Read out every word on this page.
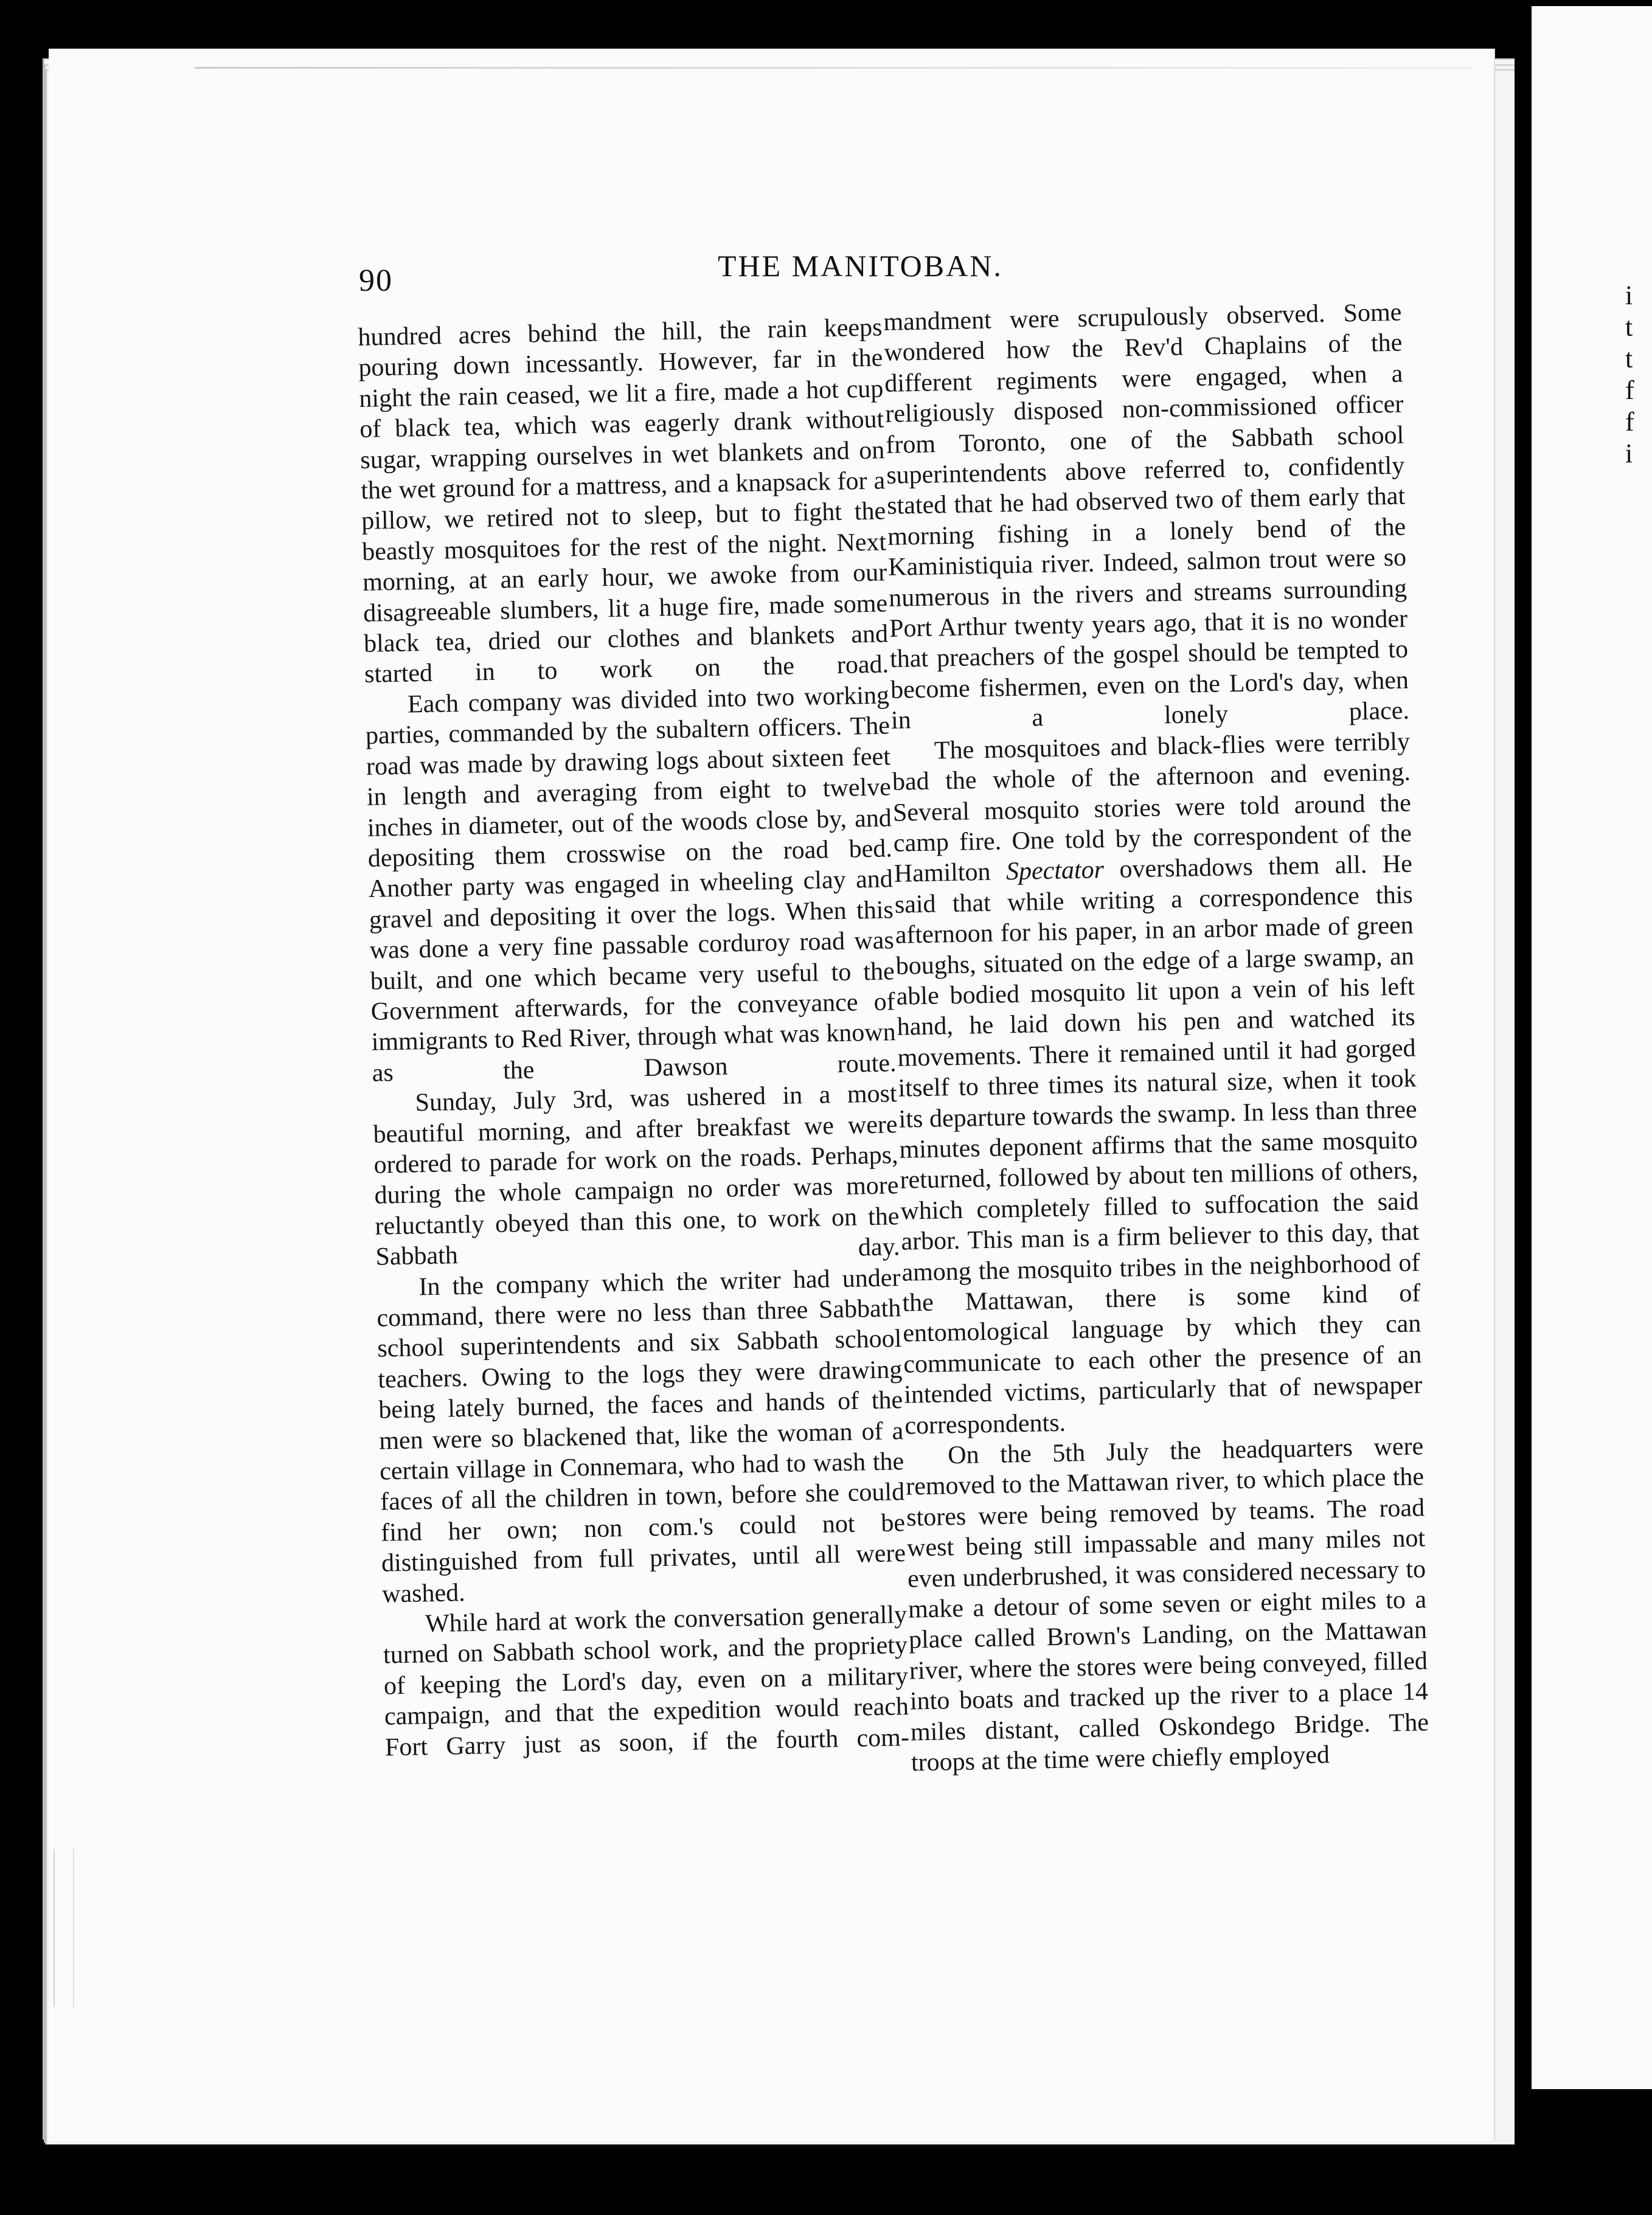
i
t
t
f
f
i
90	THE MANITOBAN.

hundred acres behind the hill, the rain keeps pouring down incessantly. However, far in the night the rain ceased, we lit a fire, made a hot cup of black tea, which was eagerly drank without sugar, wrapping ourselves in wet blankets and on the wet ground for a mattress, and a knapsack for a pillow, we retired not to sleep, but to fight the beastly mosquitoes for the rest of the night. Next morning, at an early hour, we awoke from our disagreeable slumbers, lit a huge fire, made some black tea, dried our clothes and blankets and started in to work on the road.

Each company was divided into two working parties, commanded by the subaltern officers. The road was made by drawing logs about sixteen feet in length and averaging from eight to twelve inches in diameter, out of the woods close by, and depositing them crosswise on the road bed. Another party was engaged in wheeling clay and gravel and depositing it over the logs. When this was done a very fine passable corduroy road was built, and one which became very useful to the Government afterwards, for the conveyance of immigrants to Red River, through what was known as the Dawson route.

Sunday, July 3rd, was ushered in a most beautiful morning, and after breakfast we were ordered to parade for work on the roads. Perhaps, during the whole campaign no order was more reluctantly obeyed than this one, to work on the Sabbath day.

In the company which the writer had under command, there were no less than three Sabbath school superintendents and six Sabbath school teachers. Owing to the logs they were drawing being lately burned, the faces and hands of the men were so blackened that, like the woman of a certain village in Connemara, who had to wash the faces of all the children in town, before she could find her own; non com.'s could not be distinguished from full privates, until all were washed.

While hard at work the conversation generally turned on Sabbath school work, and the propriety of keeping the Lord's day, even on a military campaign, and that the expedition would reach Fort Garry just as soon, if the fourth com-

mandment were scrupulously observed. Some wondered how the Rev'd Chaplains of the different regiments were engaged, when a religiously disposed non-commissioned officer from Toronto, one of the Sabbath school superintendents above referred to, confidently stated that he had observed two of them early that morning fishing in a lonely bend of the Kaministiquia river. Indeed, salmon trout were so numerous in the rivers and streams surrounding Port Arthur twenty years ago, that it is no wonder that preachers of the gospel should be tempted to become fishermen, even on the Lord's day, when in a lonely place.

The mosquitoes and black-flies were terribly bad the whole of the afternoon and evening. Several mosquito stories were told around the camp fire. One told by the correspondent of the Hamilton Spectator overshadows them all. He said that while writing a correspondence this afternoon for his paper, in an arbor made of green boughs, situated on the edge of a large swamp, an able bodied mosquito lit upon a vein of his left hand, he laid down his pen and watched its movements. There it remained until it had gorged itself to three times its natural size, when it took its departure towards the swamp. In less than three minutes deponent affirms that the same mosquito returned, followed by about ten millions of others, which completely filled to suffocation the said arbor. This man is a firm believer to this day, that among the mosquito tribes in the neighborhood of the Mattawan, there is some kind of entomological language by which they can communicate to each other the presence of an intended victims, particularly that of newspaper correspondents.

On the 5th July the headquarters were removed to the Mattawan river, to which place the stores were being removed by teams. The road west being still impassable and many miles not even underbrushed, it was considered necessary to make a detour of some seven or eight miles to a place called Brown's Landing, on the Mattawan river, where the stores were being conveyed, filled into boats and tracked up the river to a place 14 miles distant, called Oskondego Bridge. The troops at the time were chiefly employed
